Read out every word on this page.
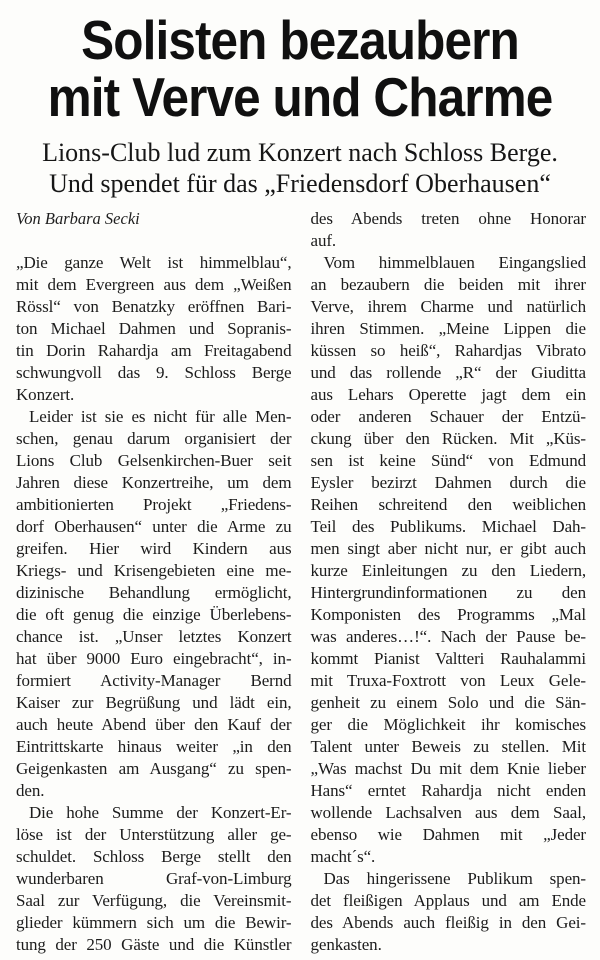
Solisten bezaubern
mit Verve und Charme
Lions-Club lud zum Konzert nach Schloss Berge.
Und spendet für das „Friedensdorf Oberhausen“
Von Barbara Secki
„Die ganze Welt ist himmelblau“,
mit dem Evergreen aus dem „Weißen
Rössl“ von Benatzky eröffnen Bari-
ton Michael Dahmen und Sopranis-
tin Dorin Rahardja am Freitagabend
schwungvoll das 9. Schloss Berge
Konzert.
Leider ist sie es nicht für alle Men-
schen, genau darum organisiert der
Lions Club Gelsenkirchen-Buer seit
Jahren diese Konzertreihe, um dem
ambitionierten Projekt „Friedens-
dorf Oberhausen“ unter die Arme zu
greifen. Hier wird Kindern aus
Kriegs- und Krisengebieten eine me-
dizinische Behandlung ermöglicht,
die oft genug die einzige Überlebens-
chance ist. „Unser letztes Konzert
hat über 9000 Euro eingebracht“, in-
formiert Activity-Manager Bernd
Kaiser zur Begrüßung und lädt ein,
auch heute Abend über den Kauf der
Eintrittskarte hinaus weiter „in den
Geigenkasten am Ausgang“ zu spen-
den.
Die hohe Summe der Konzert-Er-
löse ist der Unterstützung aller ge-
schuldet. Schloss Berge stellt den
wunderbaren Graf-von-Limburg
Saal zur Verfügung, die Vereinsmit-
glieder kümmern sich um die Bewir-
tung der 250 Gäste und die Künstler
des Abends treten ohne Honorar
auf.
Vom himmelblauen Eingangslied
an bezaubern die beiden mit ihrer
Verve, ihrem Charme und natürlich
ihren Stimmen. „Meine Lippen die
küssen so heiß“, Rahardjas Vibrato
und das rollende „R“ der Giuditta
aus Lehars Operette jagt dem ein
oder anderen Schauer der Entzü-
ckung über den Rücken. Mit „Küs-
sen ist keine Sünd“ von Edmund
Eysler bezirzt Dahmen durch die
Reihen schreitend den weiblichen
Teil des Publikums. Michael Dah-
men singt aber nicht nur, er gibt auch
kurze Einleitungen zu den Liedern,
Hintergrundinformationen zu den
Komponisten des Programms „Mal
was anderes…!“. Nach der Pause be-
kommt Pianist Valtteri Rauhalammi
mit Truxa-Foxtrott von Leux Gele-
genheit zu einem Solo und die Sän-
ger die Möglichkeit ihr komisches
Talent unter Beweis zu stellen. Mit
„Was machst Du mit dem Knie lieber
Hans“ erntet Rahardja nicht enden
wollende Lachsalven aus dem Saal,
ebenso wie Dahmen mit „Jeder
macht´s“.
Das hingerissene Publikum spen-
det fleißigen Applaus und am Ende
des Abends auch fleißig in den Gei-
genkasten.
